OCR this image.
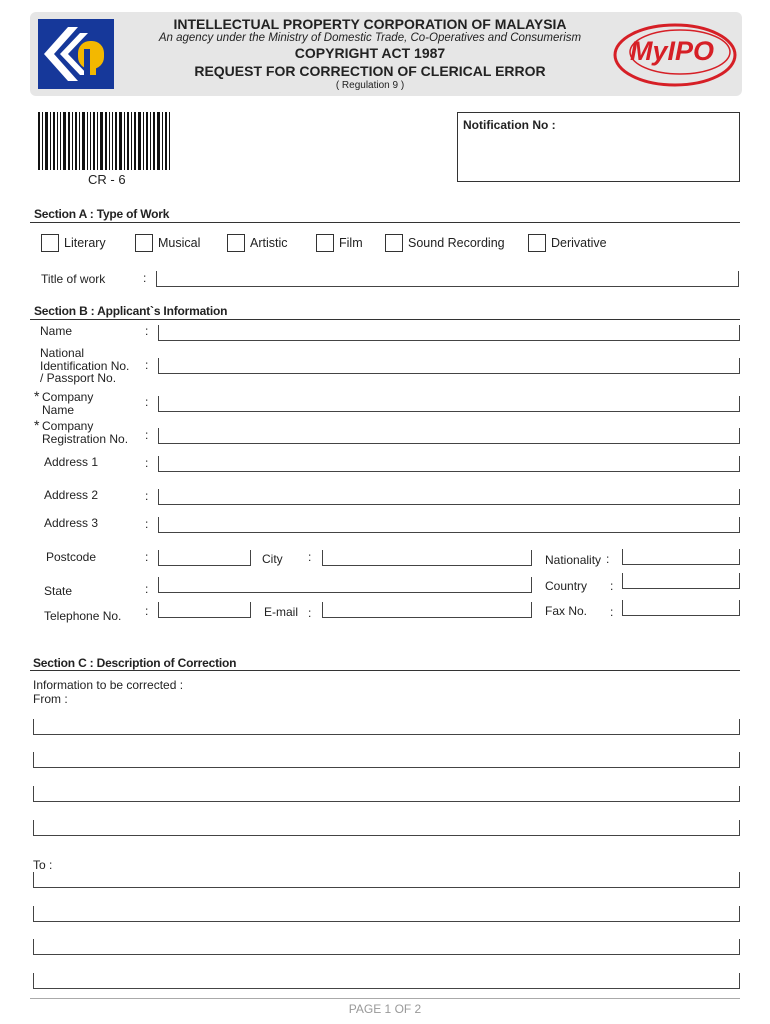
INTELLECTUAL PROPERTY CORPORATION OF MALAYSIA
An agency under the Ministry of Domestic Trade, Co-Operatives and Consumerism
COPYRIGHT ACT 1987
REQUEST FOR CORRECTION OF CLERICAL ERROR
( Regulation 9 )
MyIPO
CR - 6
Notification No :
Section A : Type of Work
Literary	Musical	Artistic	Film	Sound Recording	Derivative
Title of work	:
Section B : Applicant`s Information
Name	:
National
Identification No.
/ Passport No.
:
* Company
Name
:
* Company
Registration No. :
Address 1	:
Address 2	:
Address 3	:
Postcode	:	City :	Nationality :
State	:	Country :
Telephone No. :	E-mail :	Fax No. :
Section C : Description of Correction
Information to be corrected :
From :
To :
PAGE 1 OF 2
